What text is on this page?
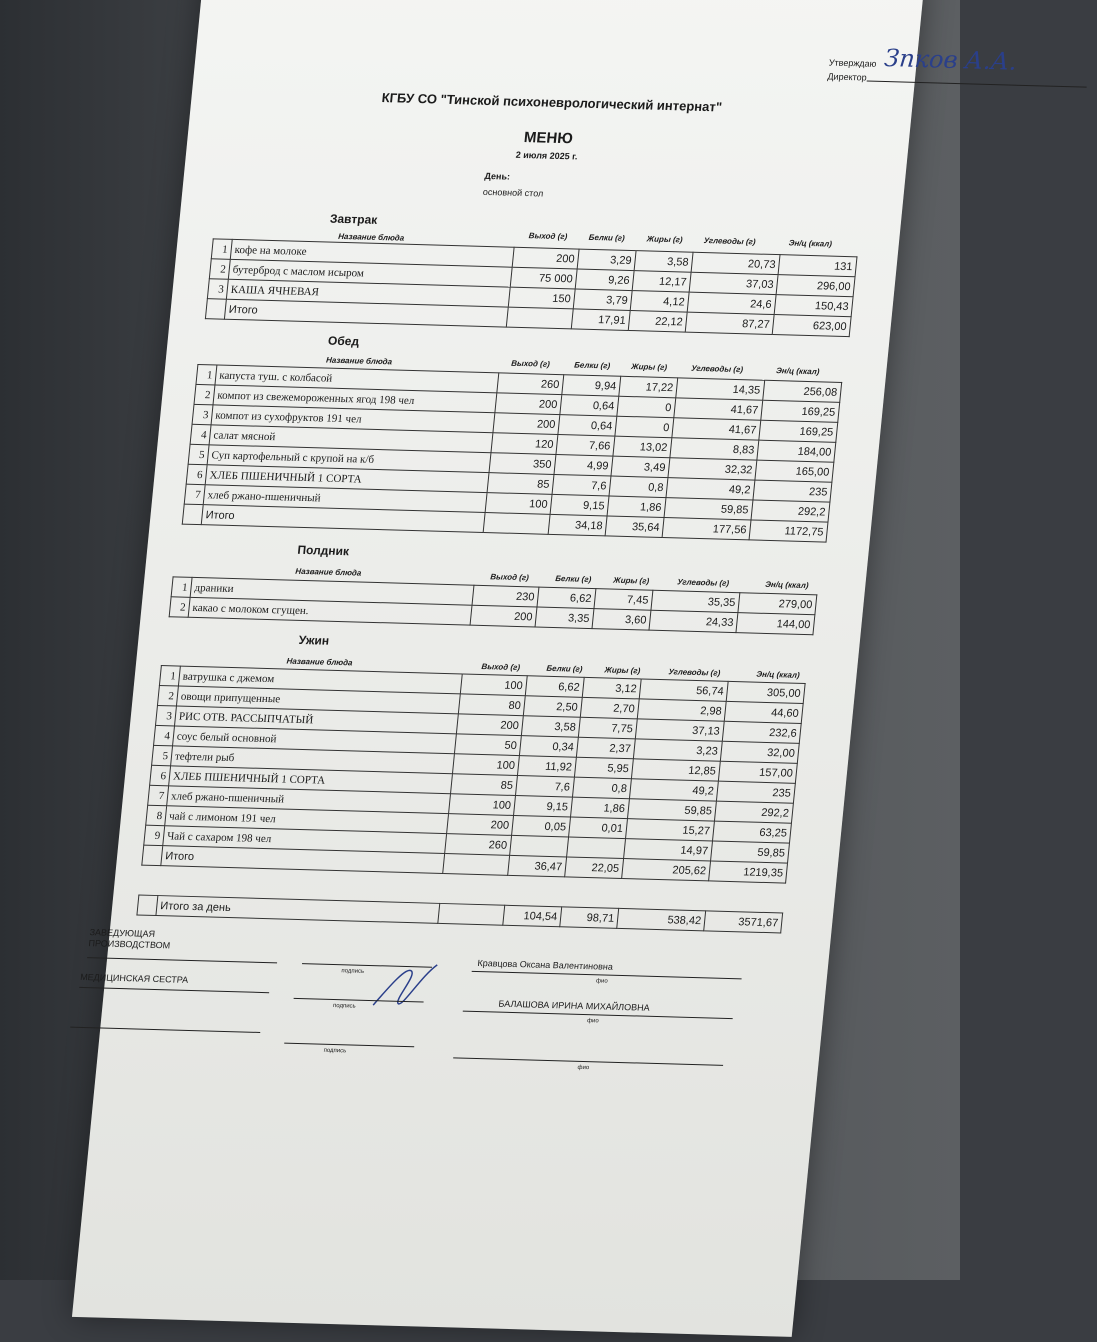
Утверждаю
Директор
Зпков А.А.
КГБУ СО "Тинской психоневрологический интернат"
МЕНЮ
2 июля 2025 г.
День:
основной стол
Завтрак
Название блюда	Выход (г)	Белки (г)	Жиры (г)	Углеводы (г)	Эн/ц (ккал)
1	кофе на молоке	200	3,29	3,58	20,73	131
2	бутерброд с маслом исыром	75 000	9,26	12,17	37,03	296,00
3	КАША ЯЧНЕВАЯ	150	3,79	4,12	24,6	150,43
	Итого		17,91	22,12	87,27	623,00
Обед
Название блюда	Выход (г)	Белки (г)	Жиры (г)	Углеводы (г)	Эн/ц (ккал)
1	капуста туш. с колбасой	260	9,94	17,22	14,35	256,08
2	компот из свежемороженных ягод 198 чел	200	0,64	0	41,67	169,25
3	компот из сухофруктов 191 чел	200	0,64	0	41,67	169,25
4	салат мясной	120	7,66	13,02	8,83	184,00
5	Суп картофельный с крупой на к/б	350	4,99	3,49	32,32	165,00
6	ХЛЕБ ПШЕНИЧНЫЙ 1 СОРТА	85	7,6	0,8	49,2	235
7	хлеб ржано-пшеничный	100	9,15	1,86	59,85	292,2
	Итого		34,18	35,64	177,56	1172,75
Полдник
Название блюда	Выход (г)	Белки (г)	Жиры (г)	Углеводы (г)	Эн/ц (ккал)
1	драники	230	6,62	7,45	35,35	279,00
2	какао с молоком сгущен.	200	3,35	3,60	24,33	144,00
Ужин
Название блюда	Выход (г)	Белки (г)	Жиры (г)	Углеводы (г)	Эн/ц (ккал)
1	ватрушка с джемом	100	6,62	3,12	56,74	305,00
2	овощи припущенные	80	2,50	2,70	2,98	44,60
3	РИС ОТВ. РАССЫПЧАТЫЙ	200	3,58	7,75	37,13	232,6
4	соус белый основной	50	0,34	2,37	3,23	32,00
5	тефтели рыб	100	11,92	5,95	12,85	157,00
6	ХЛЕБ ПШЕНИЧНЫЙ 1 СОРТА	85	7,6	0,8	49,2	235
7	хлеб ржано-пшеничный	100	9,15	1,86	59,85	292,2
8	чай с лимоном 191 чел	200	0,05	0,01	15,27	63,25
9	Чай с сахаром 198 чел	260			14,97	59,85
	Итого		36,47	22,05	205,62	1219,35
	Итого за день		104,54	98,71	538,42	3571,67
ЗАВЕДУЮЩАЯ ПРОИЗВОДСТВОМ
подпись	Кравцова Оксана Валентиновна
фио
МЕДИЦИНСКАЯ СЕСТРА
подпись	БАЛАШОВА ИРИНА МИХАЙЛОВНА
фио
подпись
фио
